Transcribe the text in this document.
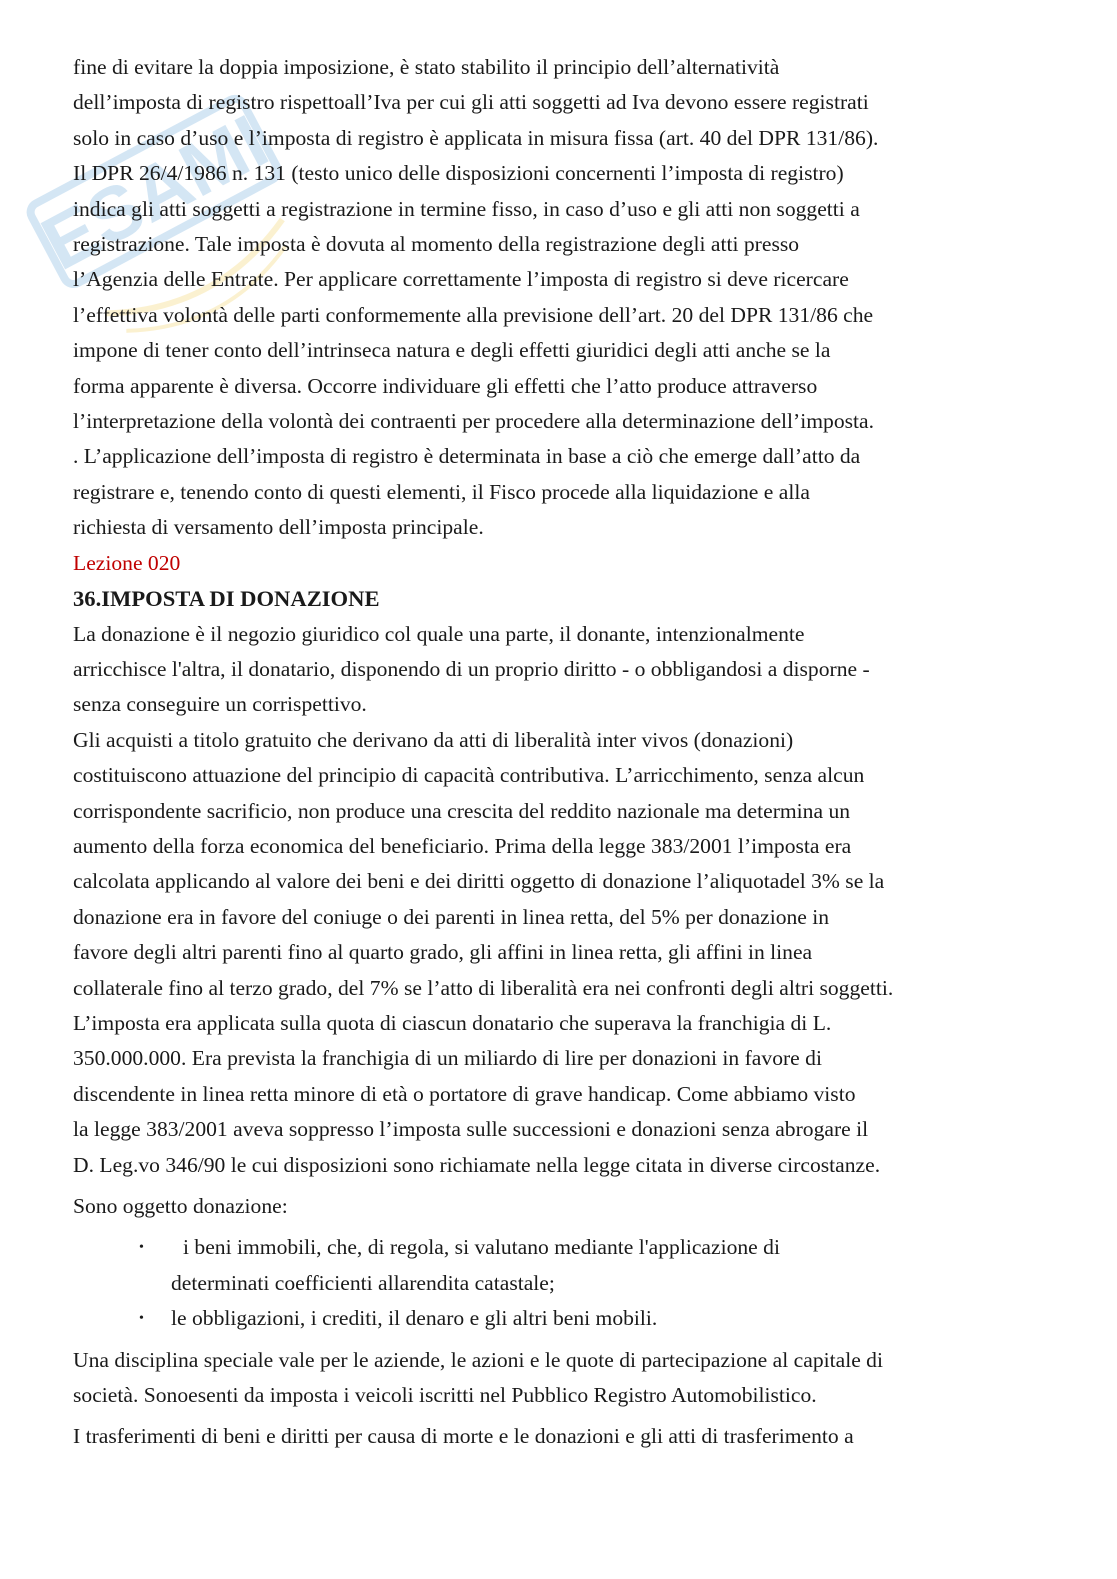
ESAMI

fine di evitare la doppia imposizione, è stato stabilito il principio dell’alternatività
dell’imposta di registro rispettoall’Iva per cui gli atti soggetti ad Iva devono essere registrati
solo in caso d’uso e l’imposta di registro è applicata in misura fissa (art. 40 del DPR 131/86).
Il DPR 26/4/1986 n. 131 (testo unico delle disposizioni concernenti l’imposta di registro)
indica gli atti soggetti a registrazione in termine fisso, in caso d’uso e gli atti non soggetti a
registrazione. Tale imposta è dovuta al momento della registrazione degli atti presso
l’Agenzia delle Entrate. Per applicare correttamente l’imposta di registro si deve ricercare
l’effettiva volontà delle parti conformemente alla previsione dell’art. 20 del DPR 131/86 che
impone di tener conto dell’intrinseca natura e degli effetti giuridici degli atti anche se la
forma apparente è diversa. Occorre individuare gli effetti che l’atto produce attraverso
l’interpretazione della volontà dei contraenti per procedere alla determinazione dell’imposta.
. L’applicazione dell’imposta di registro è determinata in base a ciò che emerge dall’atto da
registrare e, tenendo conto di questi elementi, il Fisco procede alla liquidazione e alla
richiesta di versamento dell’imposta principale.

Lezione 020

36.IMPOSTA DI DONAZIONE

La donazione è il negozio giuridico col quale una parte, il donante, intenzionalmente
arricchisce l'altra, il donatario, disponendo di un proprio diritto - o obbligandosi a disporne -
senza conseguire un corrispettivo.
Gli acquisti a titolo gratuito che derivano da atti di liberalità inter vivos (donazioni)
costituiscono attuazione del principio di capacità contributiva. L’arricchimento, senza alcun
corrispondente sacrificio, non produce una crescita del reddito nazionale ma determina un
aumento della forza economica del beneficiario. Prima della legge 383/2001 l’imposta era
calcolata applicando al valore dei beni e dei diritti oggetto di donazione l’aliquotadel 3% se la
donazione era in favore del coniuge o dei parenti in linea retta, del 5% per donazione in
favore degli altri parenti fino al quarto grado, gli affini in linea retta, gli affini in linea
collaterale fino al terzo grado, del 7% se l’atto di liberalità era nei confronti degli altri soggetti.
L’imposta era applicata sulla quota di ciascun donatario che superava la franchigia di L.
350.000.000. Era prevista la franchigia di un miliardo di lire per donazioni in favore di
discendente in linea retta minore di età o portatore di grave handicap. Come abbiamo visto
la legge 383/2001 aveva soppresso l’imposta sulle successioni e donazioni senza abrogare il
D. Leg.vo 346/90 le cui disposizioni sono richiamate nella legge citata in diverse circostanze.

Sono oggetto donazione:

• i beni immobili, che, di regola, si valutano mediante l'applicazione di
determinati coefficienti allarendita catastale;
• le obbligazioni, i crediti, il denaro e gli altri beni mobili.

Una disciplina speciale vale per le aziende, le azioni e le quote di partecipazione al capitale di
società. Sonoesenti da imposta i veicoli iscritti nel Pubblico Registro Automobilistico.

I trasferimenti di beni e diritti per causa di morte e le donazioni e gli atti di trasferimento a
